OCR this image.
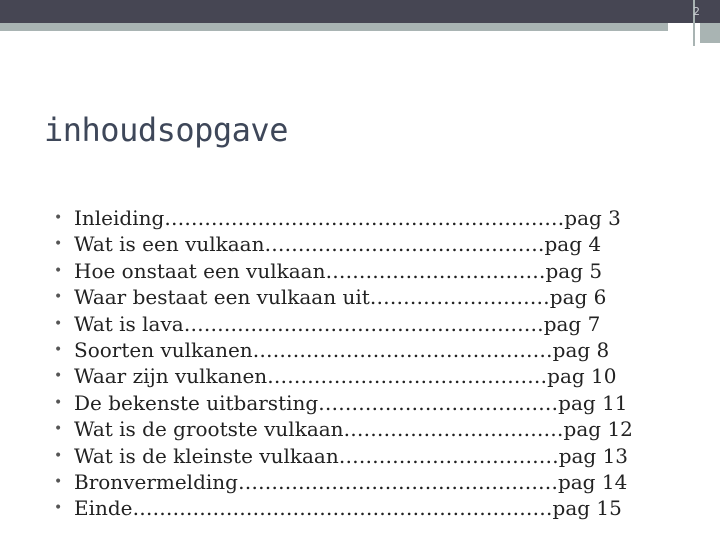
2
inhoudsopgave
• Inleiding……………………………………………………pag 3
• Wat is een vulkaan……………………………………pag 4
• Hoe onstaat een vulkaan……………………………pag 5
• Waar bestaat een vulkaan uit………………………pag 6
• Wat is lava………………………………………………pag 7
• Soorten vulkanen………………………………………pag 8
• Waar zijn vulkanen……………………………………pag 10
• De bekenste uitbarsting………………………………pag 11
• Wat is de grootste vulkaan……………………………pag 12
• Wat is de kleinste vulkaan……………………………pag 13
• Bronvermelding…………………………………………pag 14
• Einde………………………………………………………pag 15
